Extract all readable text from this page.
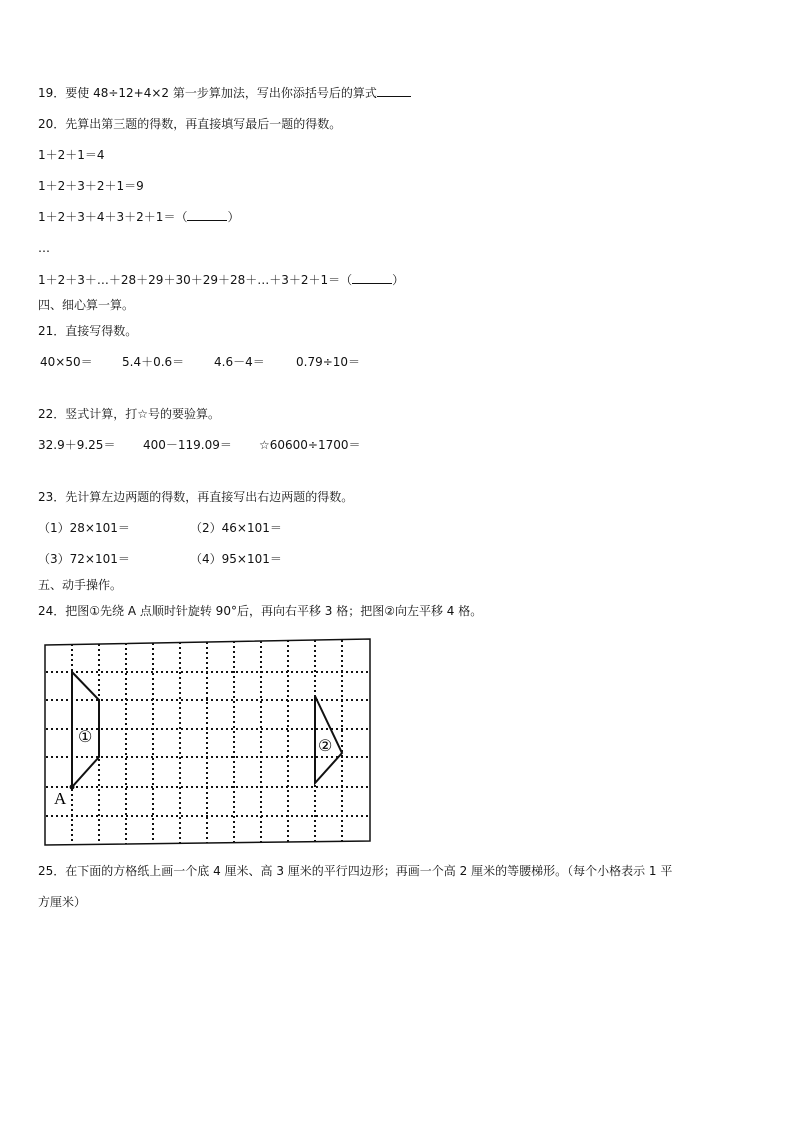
19．要使 48÷12+4×2 第一步算加法，写出你添括号后的算式
20．先算出第三题的得数，再直接填写最后一题的得数。
1＋2＋1＝4
1＋2＋3＋2＋1＝9
1＋2＋3＋4＋3＋2＋1＝（	）
…
1＋2＋3＋…＋28＋29＋30＋29＋28＋…＋3＋2＋1＝（	）
四、细心算一算。
21．直接写得数。
40×50＝ 5.4＋0.6＝ 4.6－4＝	0.79÷10＝
22．竖式计算，打☆号的要验算。
32.9＋9.25＝ 400－119.09＝ ☆60600÷1700＝
23．先计算左边两题的得数，再直接写出右边两题的得数。
（1）28×101＝	（2）46×101＝
（3）72×101＝	（4）95×101＝
五、动手操作。
24．把图①先绕 A 点顺时针旋转 90°后，再向右平移 3 格；把图②向左平移 4 格。
①
A
②
25．在下面的方格纸上画一个底 4 厘米、高 3 厘米的平行四边形；再画一个高 2 厘米的等腰梯形。（每个小格表示 1 平
方厘米）
